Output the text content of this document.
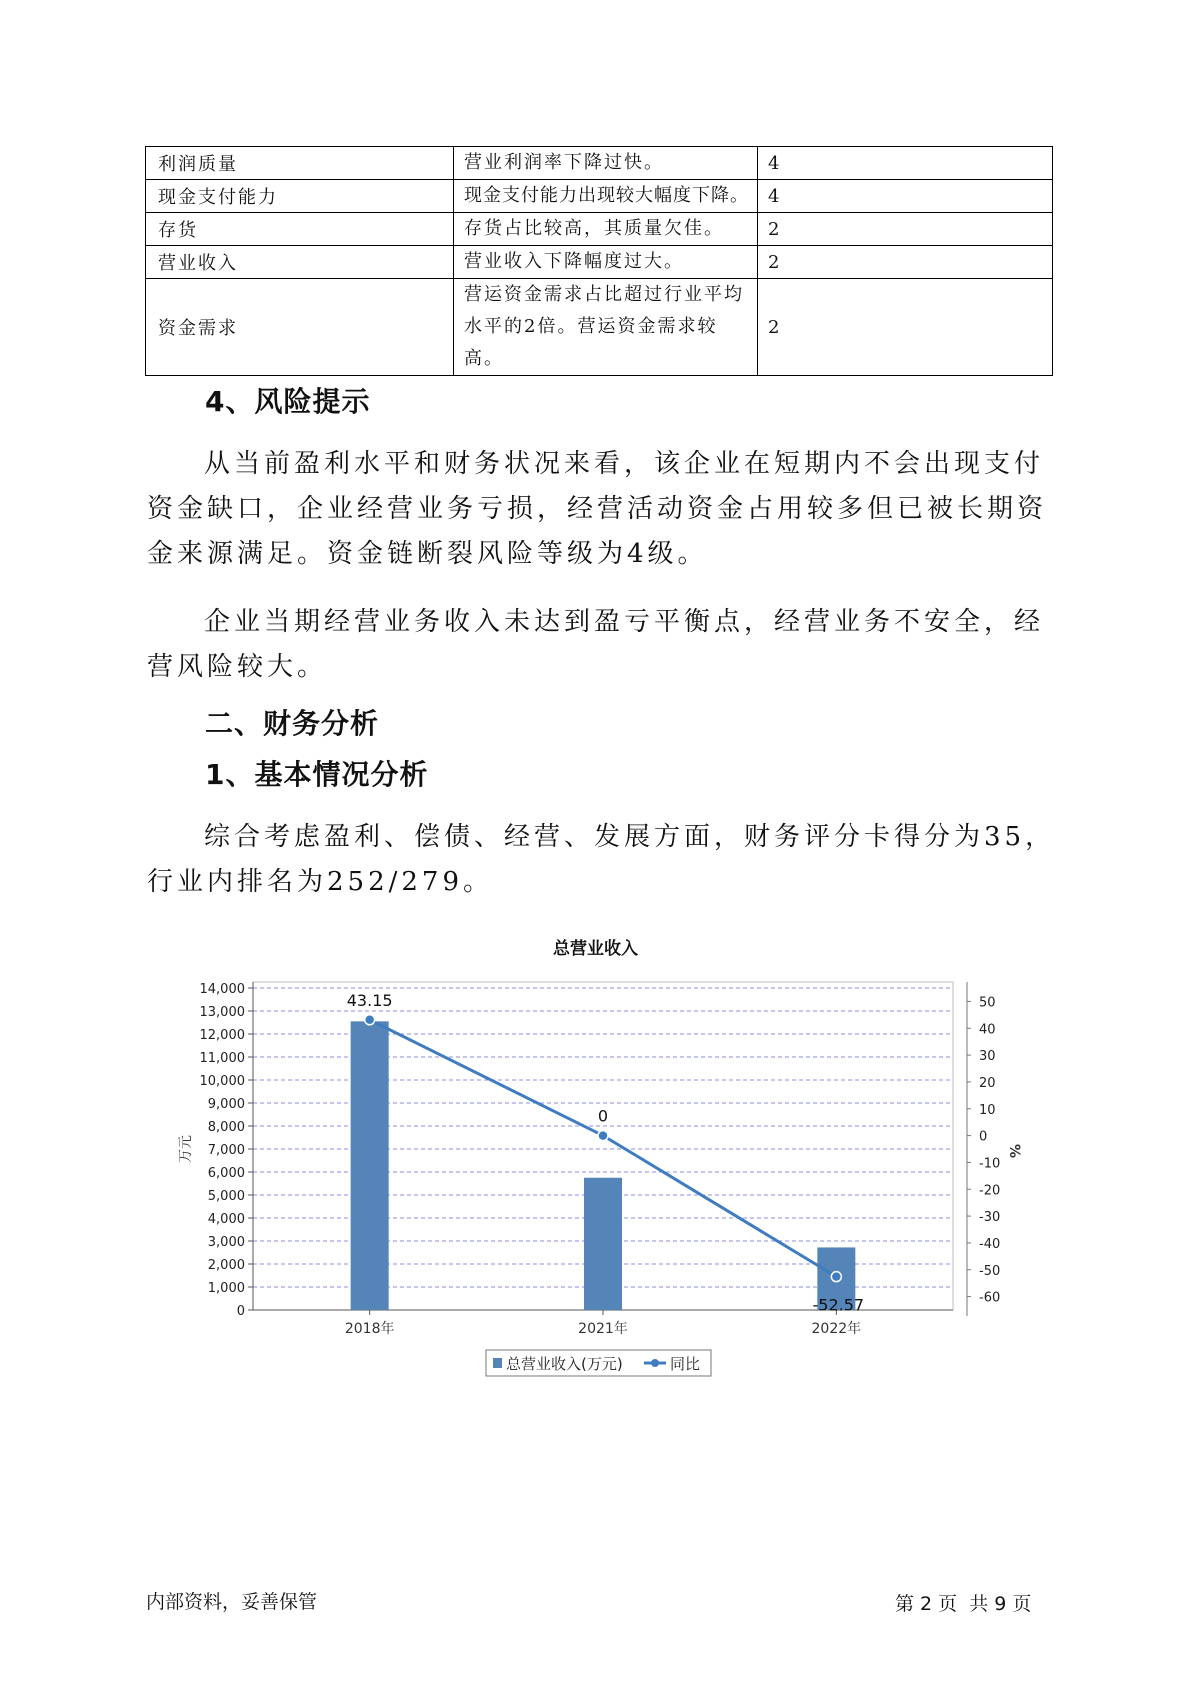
利润质量	营业利润率下降过快。	4
现金支付能力	现金支付能力出现较大幅度下降。	4
存货	存货占比较高，其质量欠佳。	2
营业收入	营业收入下降幅度过大。	2
资金需求	营运资金需求占比超过行业平均水平的2倍。营运资金需求较高。	2
4、风险提示
从当前盈利水平和财务状况来看，该企业在短期内不会出现支付资金缺口，企业经营业务亏损，经营活动资金占用较多但已被长期资金来源满足。资金链断裂风险等级为4级。
企业当期经营业务收入未达到盈亏平衡点，经营业务不安全，经营风险较大。
二、财务分析
1、基本情况分析
综合考虑盈利、偿债、经营、发展方面，财务评分卡得分为35，行业内排名为252/279。
总营业收入
0
1,000
2,000
3,000
4,000
5,000
6,000
7,000
8,000
9,000
10,000
11,000
12,000
13,000
14,000
50
40
30
20
10
0
-10
-20
-30
-40
-50
-60
万元	%
2018年	2021年	2022年
43.15
0
-52.57
总营业收入(万元)	同比
内部资料，妥善保管	第 2 页  共 9 页
